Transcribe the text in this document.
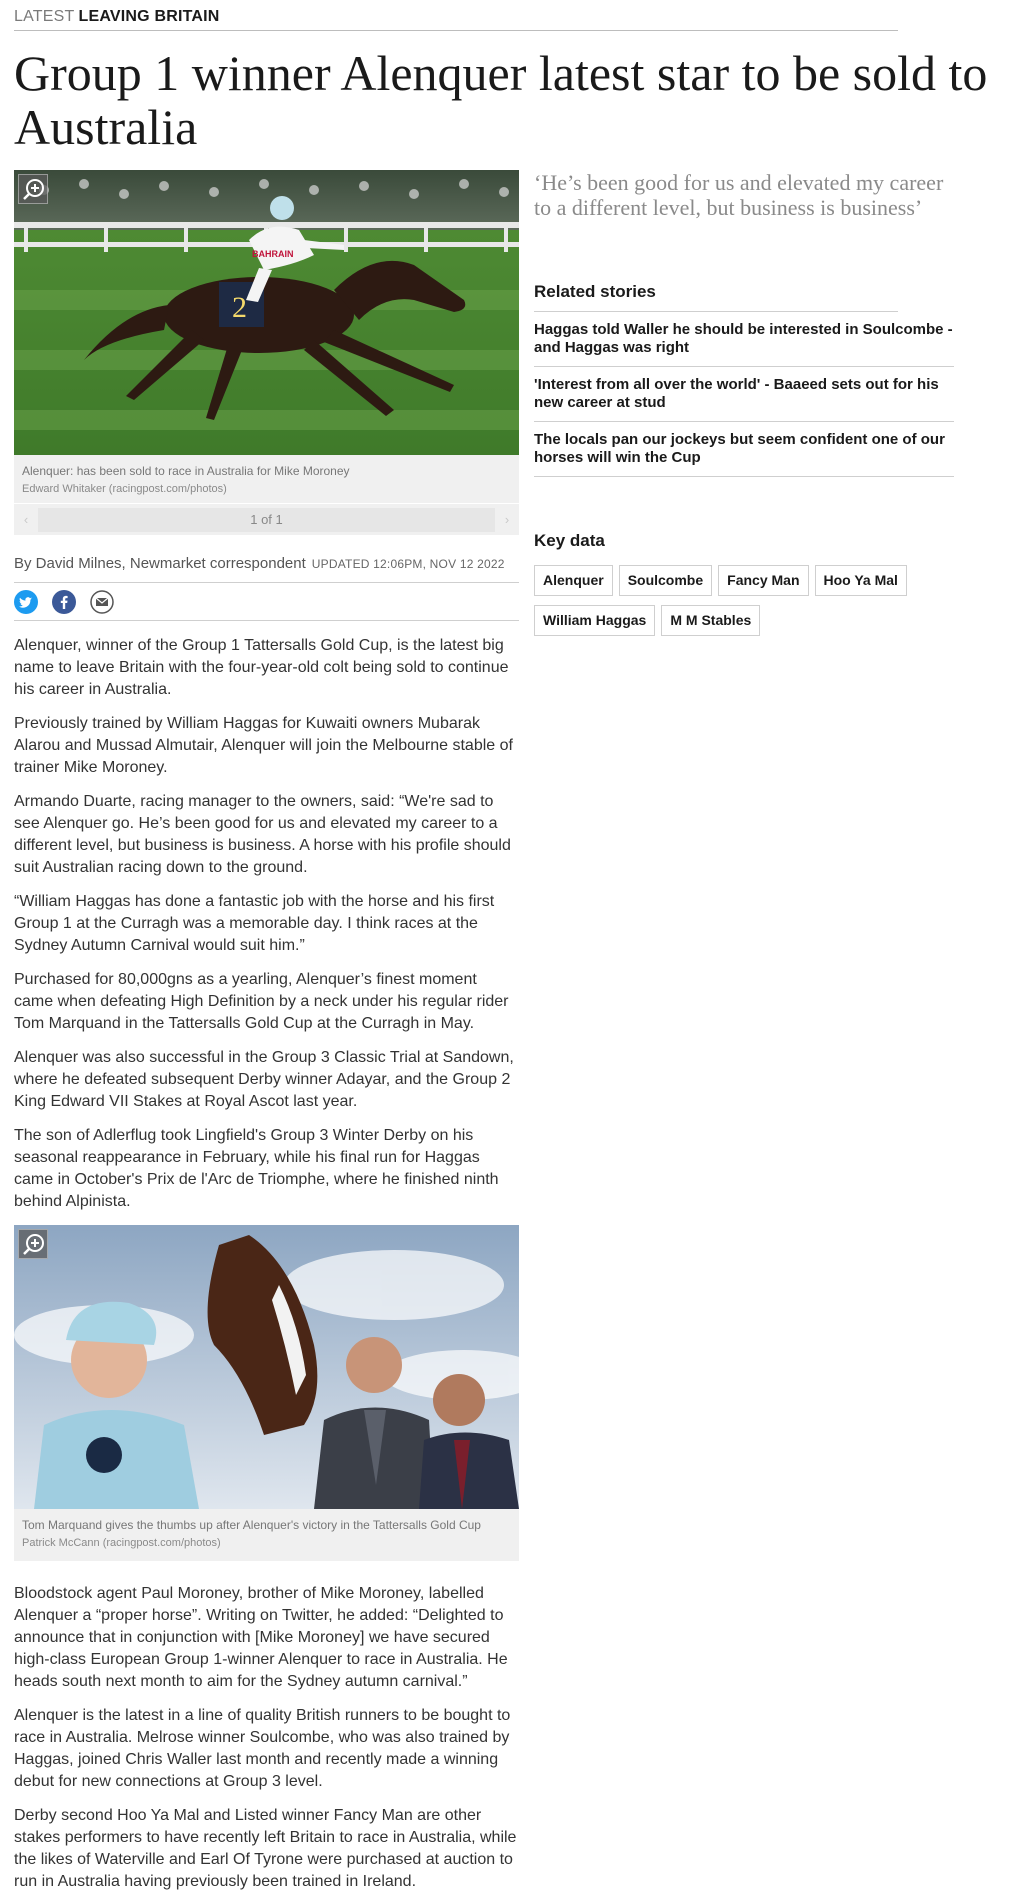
LATEST LEAVING BRITAIN
Group 1 winner Alenquer latest star to be sold to Australia
2
BAHRAIN
Alenquer: has been sold to race in Australia for Mike Moroney
Edward Whitaker (racingpost.com/photos)
‹	1 of 1	›
By David Milnes, Newmarket correspondent UPDATED 12:06PM, NOV 12 2022

Alenquer, winner of the Group 1 Tattersalls Gold Cup, is the latest big name to leave Britain with the four-year-old colt being sold to continue his career in Australia.

Previously trained by William Haggas for Kuwaiti owners Mubarak Alarou and Mussad Almutair, Alenquer will join the Melbourne stable of trainer Mike Moroney.

Armando Duarte, racing manager to the owners, said: “We're sad to see Alenquer go. He’s been good for us and elevated my career to a different level, but business is business. A horse with his profile should suit Australian racing down to the ground.

“William Haggas has done a fantastic job with the horse and his first Group 1 at the Curragh was a memorable day. I think races at the Sydney Autumn Carnival would suit him.”

Purchased for 80,000gns as a yearling, Alenquer’s finest moment came when defeating High Definition by a neck under his regular rider Tom Marquand in the Tattersalls Gold Cup at the Curragh in May.

Alenquer was also successful in the Group 3 Classic Trial at Sandown, where he defeated subsequent Derby winner Adayar, and the Group 2 King Edward VII Stakes at Royal Ascot last year.

The son of Adlerflug took Lingfield's Group 3 Winter Derby on his seasonal reappearance in February, while his final run for Haggas came in October's Prix de l'Arc de Triomphe, where he finished ninth behind Alpinista.

Tom Marquand gives the thumbs up after Alenquer's victory in the Tattersalls Gold Cup
Patrick McCann (racingpost.com/photos)

Bloodstock agent Paul Moroney, brother of Mike Moroney, labelled Alenquer a “proper horse”. Writing on Twitter, he added: “Delighted to announce that in conjunction with [Mike Moroney] we have secured high-class European Group 1-winner Alenquer to race in Australia. He heads south next month to aim for the Sydney autumn carnival.”

Alenquer is the latest in a line of quality British runners to be bought to race in Australia. Melrose winner Soulcombe, who was also trained by Haggas, joined Chris Waller last month and recently made a winning debut for new connections at Group 3 level.

Derby second Hoo Ya Mal and Listed winner Fancy Man are other stakes performers to have recently left Britain to race in Australia, while the likes of Waterville and Earl Of Tyrone were purchased at auction to run in Australia having previously been trained in Ireland.

‘He’s been good for us and elevated my career to a different level, but business is business’
Related stories
Haggas told Waller he should be interested in Soulcombe - and Haggas was right
'Interest from all over the world' - Baaeed sets out for his new career at stud
The locals pan our jockeys but seem confident one of our horses will win the Cup
Key data
Alenquer	Soulcombe	Fancy Man	Hoo Ya Mal
William Haggas	M M Stables
